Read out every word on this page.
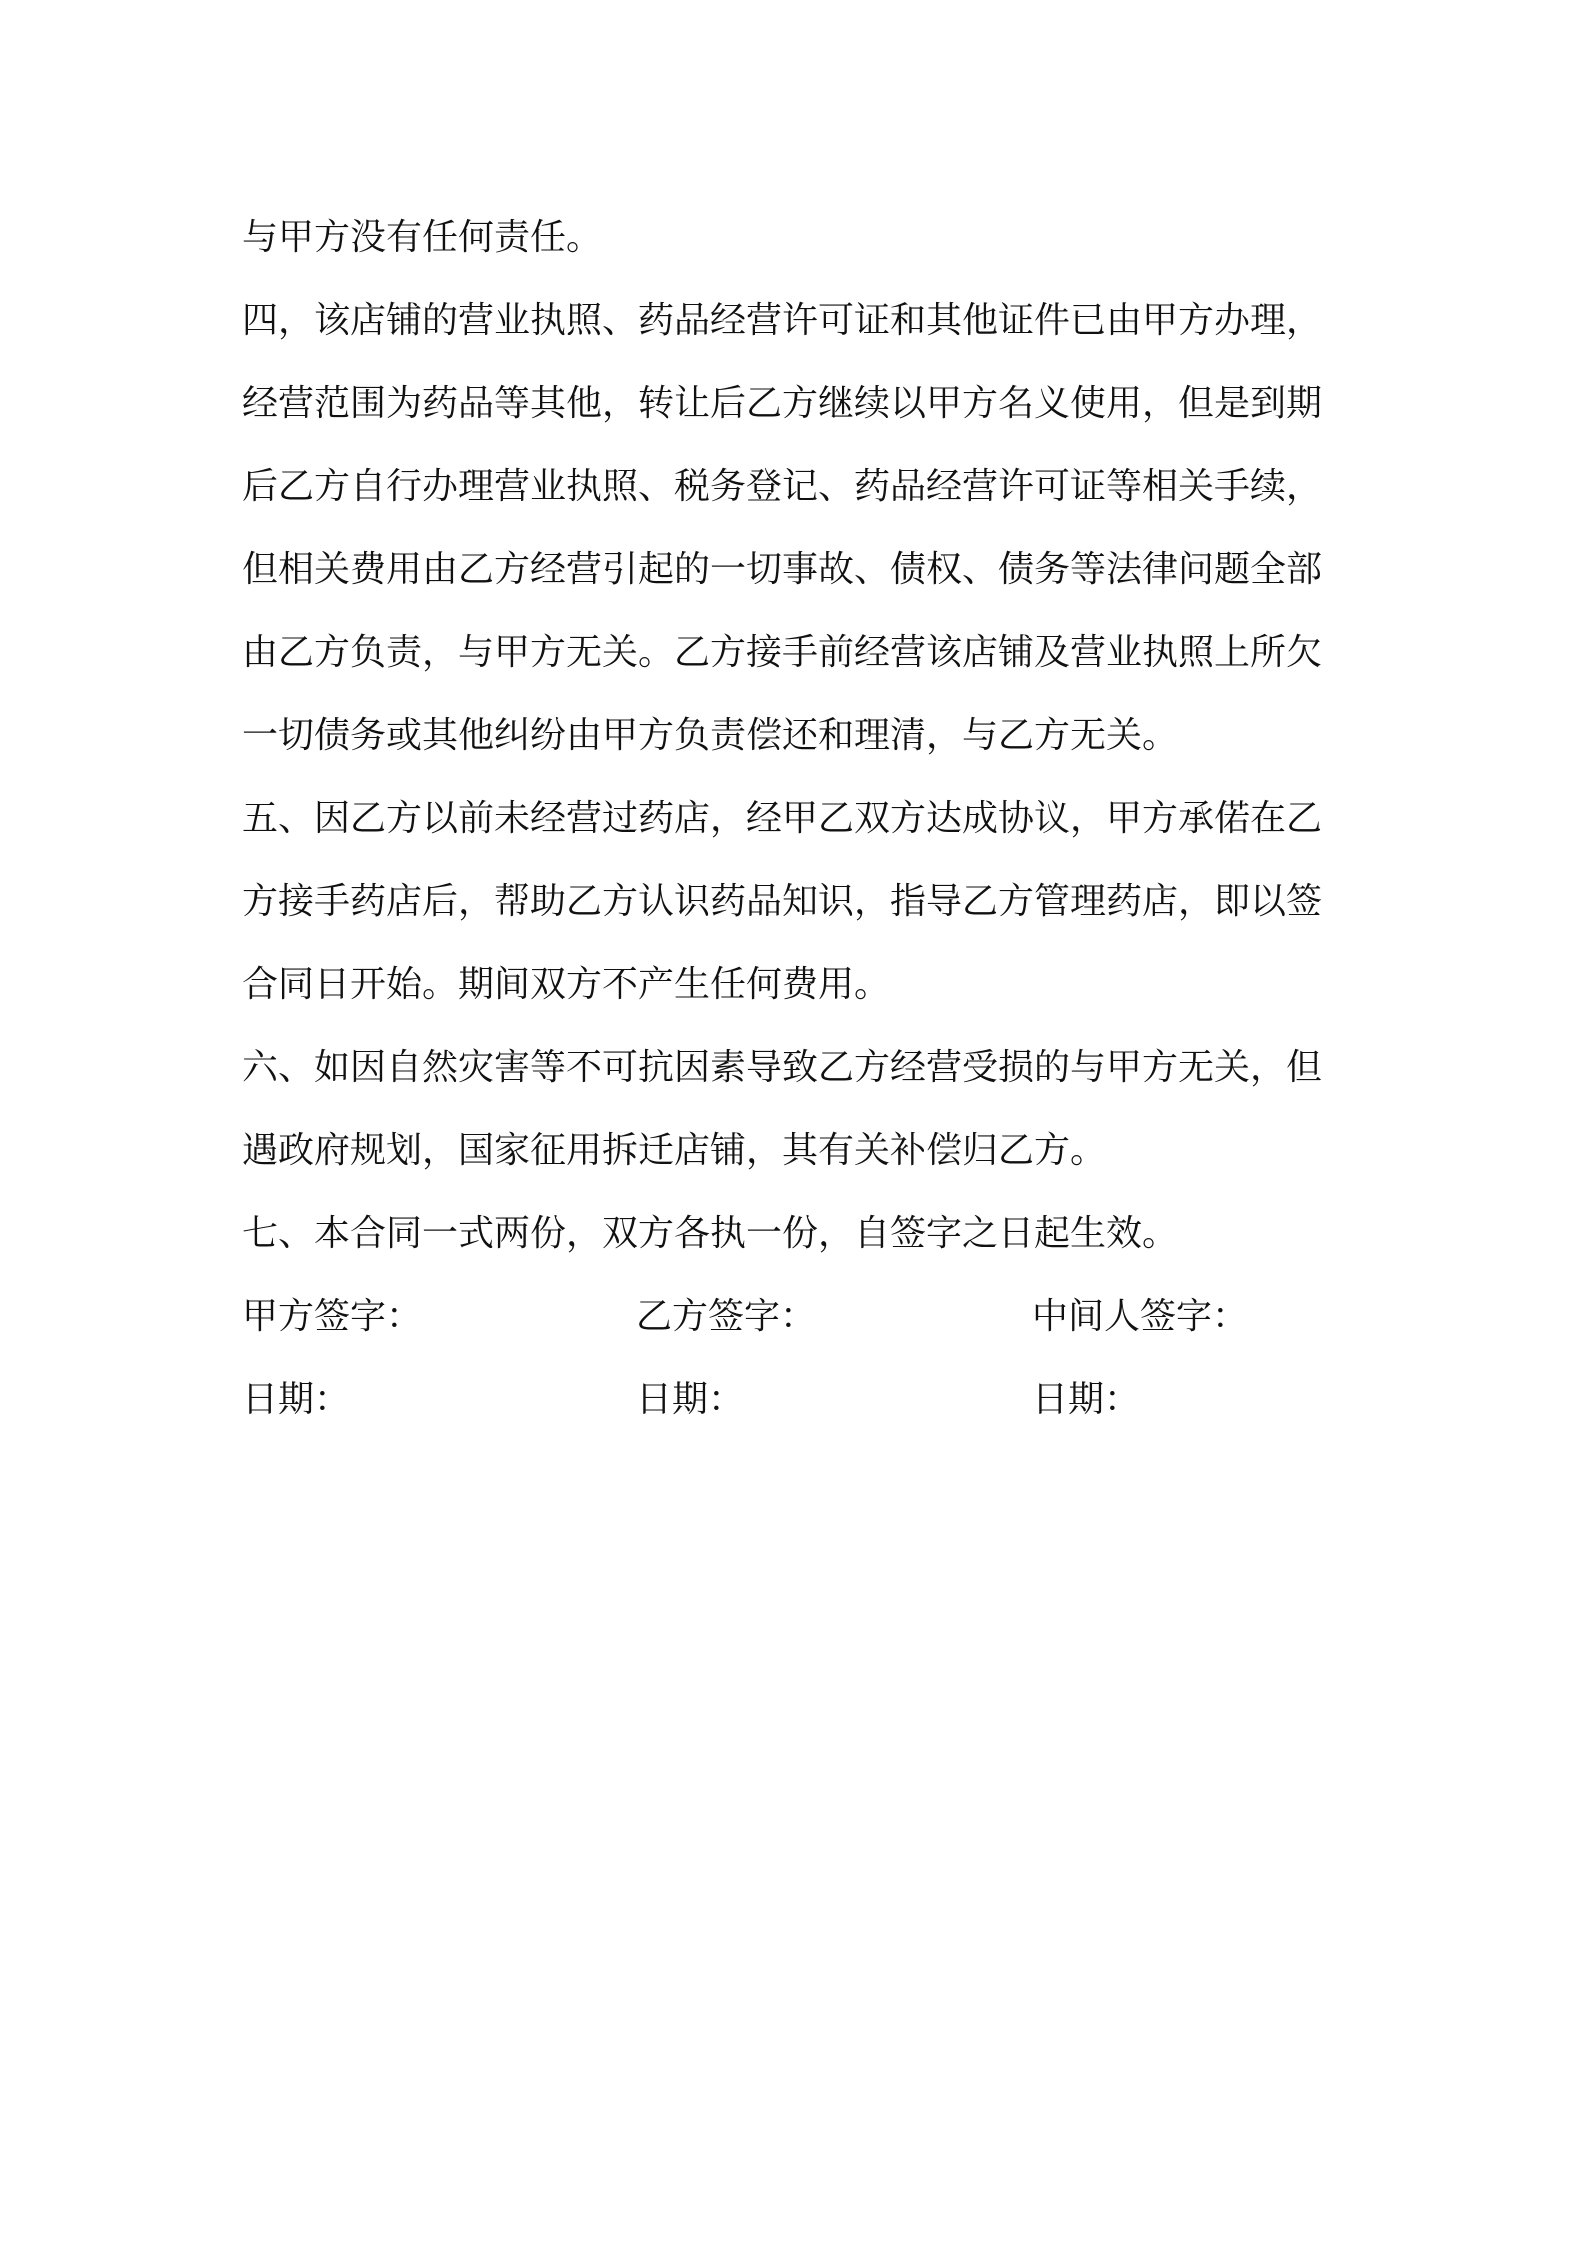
与甲方没有任何责任。
四，该店铺的营业执照、药品经营许可证和其他证件已由甲方办理，
经营范围为药品等其他，转让后乙方继续以甲方名义使用，但是到期
后乙方自行办理营业执照、税务登记、药品经营许可证等相关手续，
但相关费用由乙方经营引起的一切事故、债权、债务等法律问题全部
由乙方负责，与甲方无关。乙方接手前经营该店铺及营业执照上所欠
一切债务或其他纠纷由甲方负责偿还和理清，与乙方无关。
五、因乙方以前未经营过药店，经甲乙双方达成协议，甲方承偌在乙
方接手药店后，帮助乙方认识药品知识，指导乙方管理药店，即以签
合同日开始。期间双方不产生任何费用。
六、如因自然灾害等不可抗因素导致乙方经营受损的与甲方无关，但
遇政府规划，国家征用拆迁店铺，其有关补偿归乙方。
七、本合同一式两份，双方各执一份，自签字之日起生效。
甲方签字：	乙方签字：	中间人签字：
日期：	日期：	日期：
